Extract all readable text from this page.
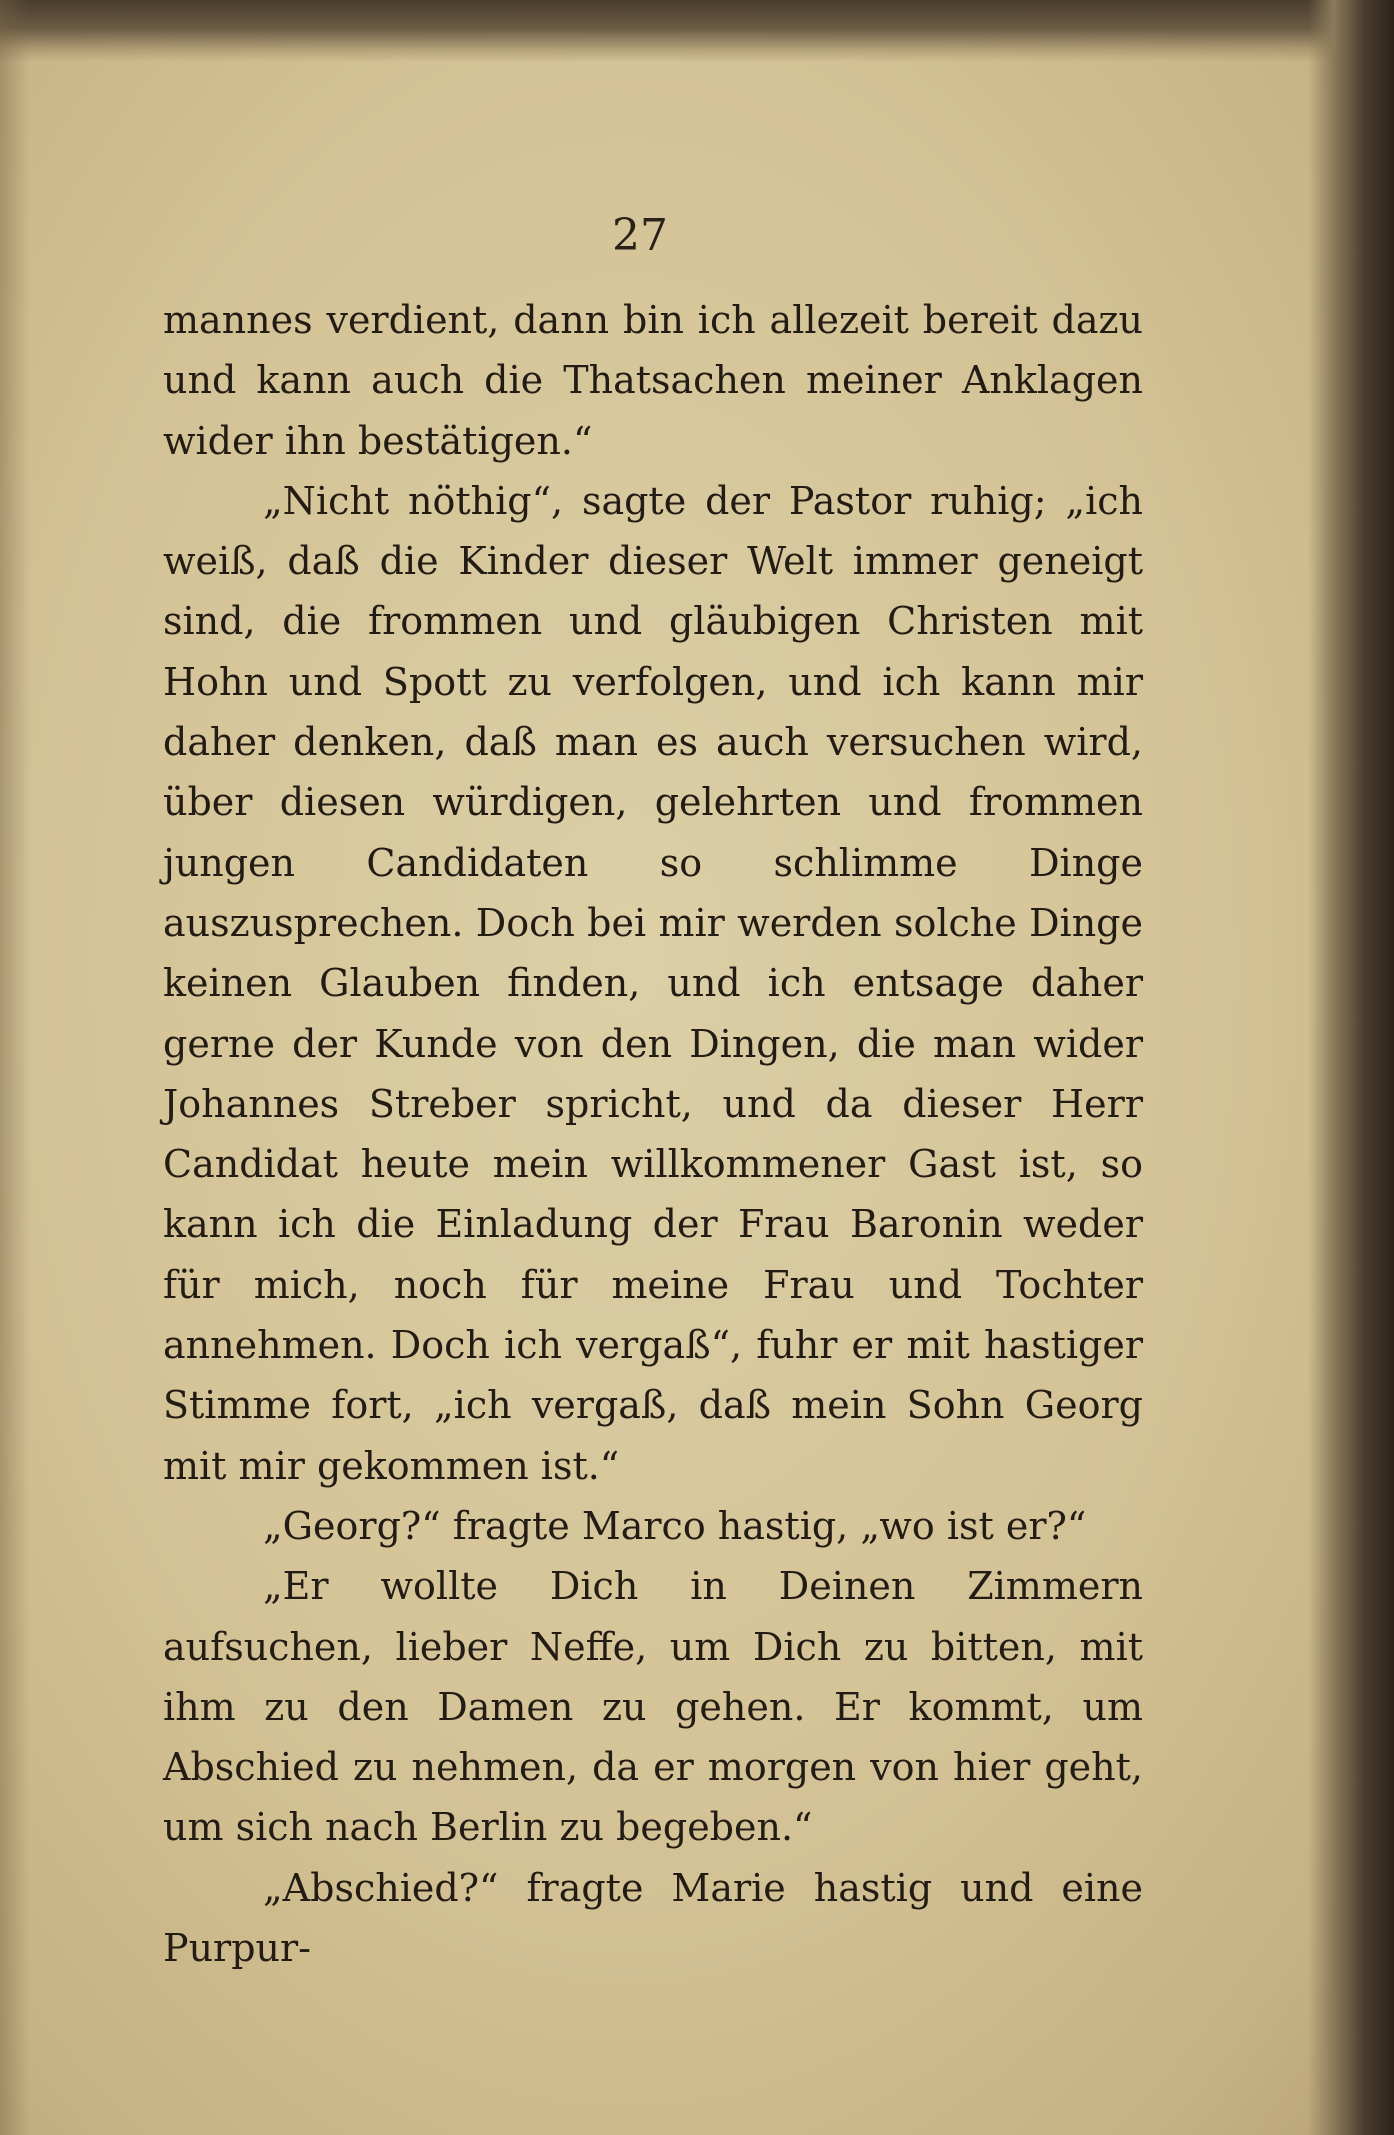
27

mannes verdient, dann bin ich allezeit bereit dazu und kann auch die Thatsachen meiner Anklagen wider ihn bestätigen.“

„Nicht nöthig“, sagte der Pastor ruhig; „ich weiß, daß die Kinder dieser Welt immer geneigt sind, die frommen und gläubigen Christen mit Hohn und Spott zu verfolgen, und ich kann mir daher denken, daß man es auch versuchen wird, über diesen würdigen, gelehrten und frommen jungen Candidaten so schlimme Dinge auszusprechen. Doch bei mir werden solche Dinge keinen Glauben finden, und ich entsage daher gerne der Kunde von den Dingen, die man wider Johannes Streber spricht, und da dieser Herr Candidat heute mein willkommener Gast ist, so kann ich die Einladung der Frau Baronin weder für mich, noch für meine Frau und Tochter annehmen. Doch ich vergaß“, fuhr er mit hastiger Stimme fort, „ich vergaß, daß mein Sohn Georg mit mir gekommen ist.“

„Georg?“ fragte Marco hastig, „wo ist er?“

„Er wollte Dich in Deinen Zimmern aufsuchen, lieber Neffe, um Dich zu bitten, mit ihm zu den Damen zu gehen. Er kommt, um Abschied zu nehmen, da er morgen von hier geht, um sich nach Berlin zu begeben.“

„Abschied?“ fragte Marie hastig und eine Purpur-
